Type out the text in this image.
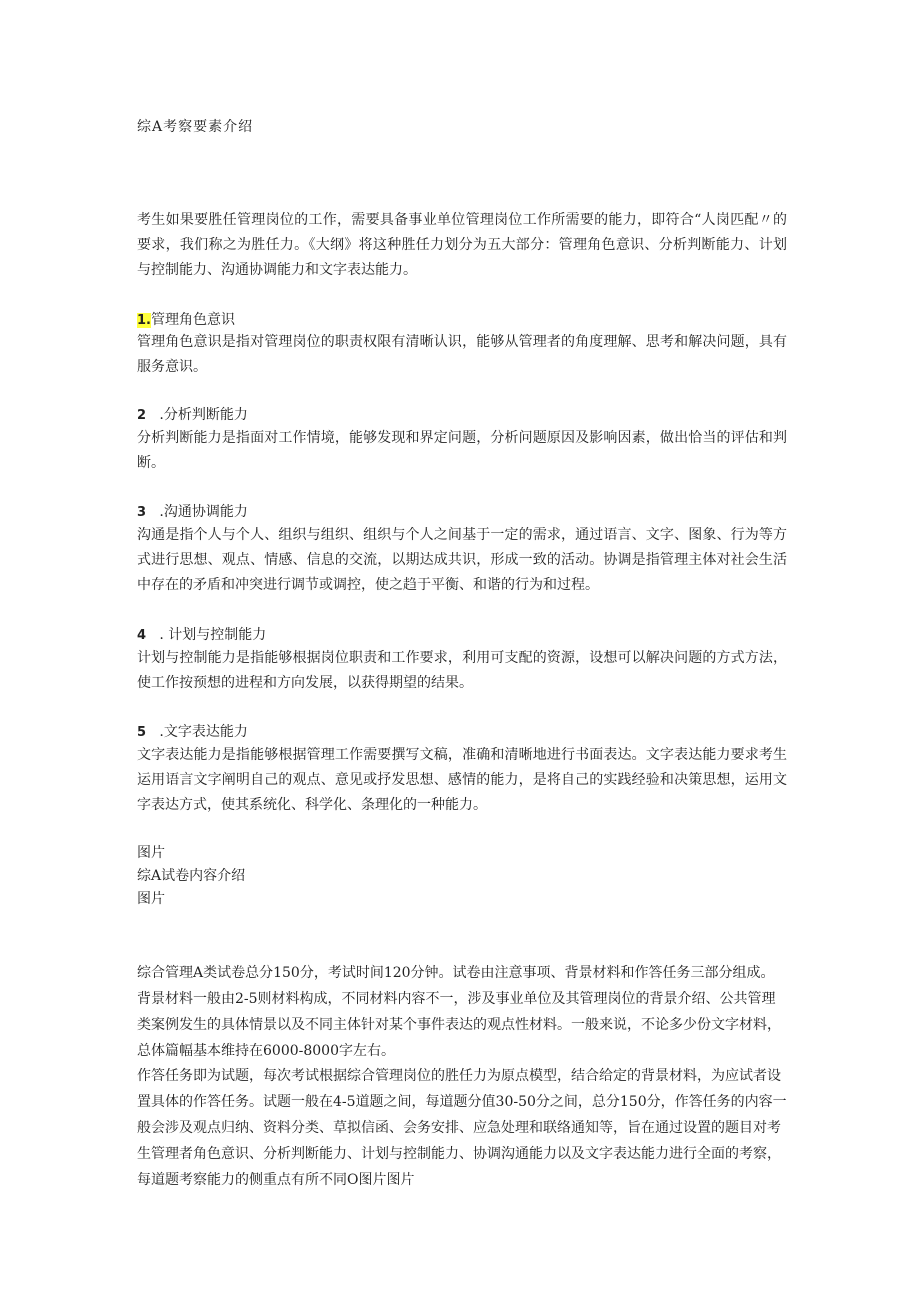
综A考察要素介绍

考生如果要胜任管理岗位的工作，需要具备事业单位管理岗位工作所需要的能力，即符合“人岗匹配〃的要求，我们称之为胜任力。《大纲》将这种胜任力划分为五大部分：管理角色意识、分析判断能力、计划与控制能力、沟通协调能力和文字表达能力。

1.管理角色意识

管理角色意识是指对管理岗位的职责权限有清晰认识，能够从管理者的角度理解、思考和解决问题，具有服务意识。

2 .分析判断能力

分析判断能力是指面对工作情境，能够发现和界定问题，分析问题原因及影响因素，做出恰当的评估和判断。

3 .沟通协调能力

沟通是指个人与个人、组织与组织、组织与个人之间基于一定的需求，通过语言、文字、图象、行为等方式进行思想、观点、情感、信息的交流，以期达成共识，形成一致的活动。协调是指管理主体对社会生活中存在的矛盾和冲突进行调节或调控，使之趋于平衡、和谐的行为和过程。

4 . 计划与控制能力

计划与控制能力是指能够根据岗位职责和工作要求，利用可支配的资源，设想可以解决问题的方式方法，使工作按预想的进程和方向发展，以获得期望的结果。

5 .文字表达能力

文字表达能力是指能够根据管理工作需要撰写文稿，准确和清晰地进行书面表达。文字表达能力要求考生运用语言文字阐明自己的观点、意见或抒发思想、感情的能力，是将自己的实践经验和决策思想，运用文字表达方式，使其系统化、科学化、条理化的一种能力。

图片
综A试卷内容介绍
图片

综合管理A类试卷总分150分，考试时间120分钟。试卷由注意事项、背景材料和作答任务三部分组成。背景材料一般由2-5则材料构成，不同材料内容不一，涉及事业单位及其管理岗位的背景介绍、公共管理类案例发生的具体情景以及不同主体针对某个事件表达的观点性材料。一般来说，不论多少份文字材料，总体篇幅基本维持在6000-8000字左右。

作答任务即为试题，每次考试根据综合管理岗位的胜任力为原点模型，结合给定的背景材料，为应试者设置具体的作答任务。试题一般在4-5道题之间，每道题分值30-50分之间，总分150分，作答任务的内容一般会涉及观点归纳、资料分类、草拟信函、会务安排、应急处理和联络通知等，旨在通过设置的题目对考生管理者角色意识、分析判断能力、计划与控制能力、协调沟通能力以及文字表达能力进行全面的考察，每道题考察能力的侧重点有所不同O图片图片
